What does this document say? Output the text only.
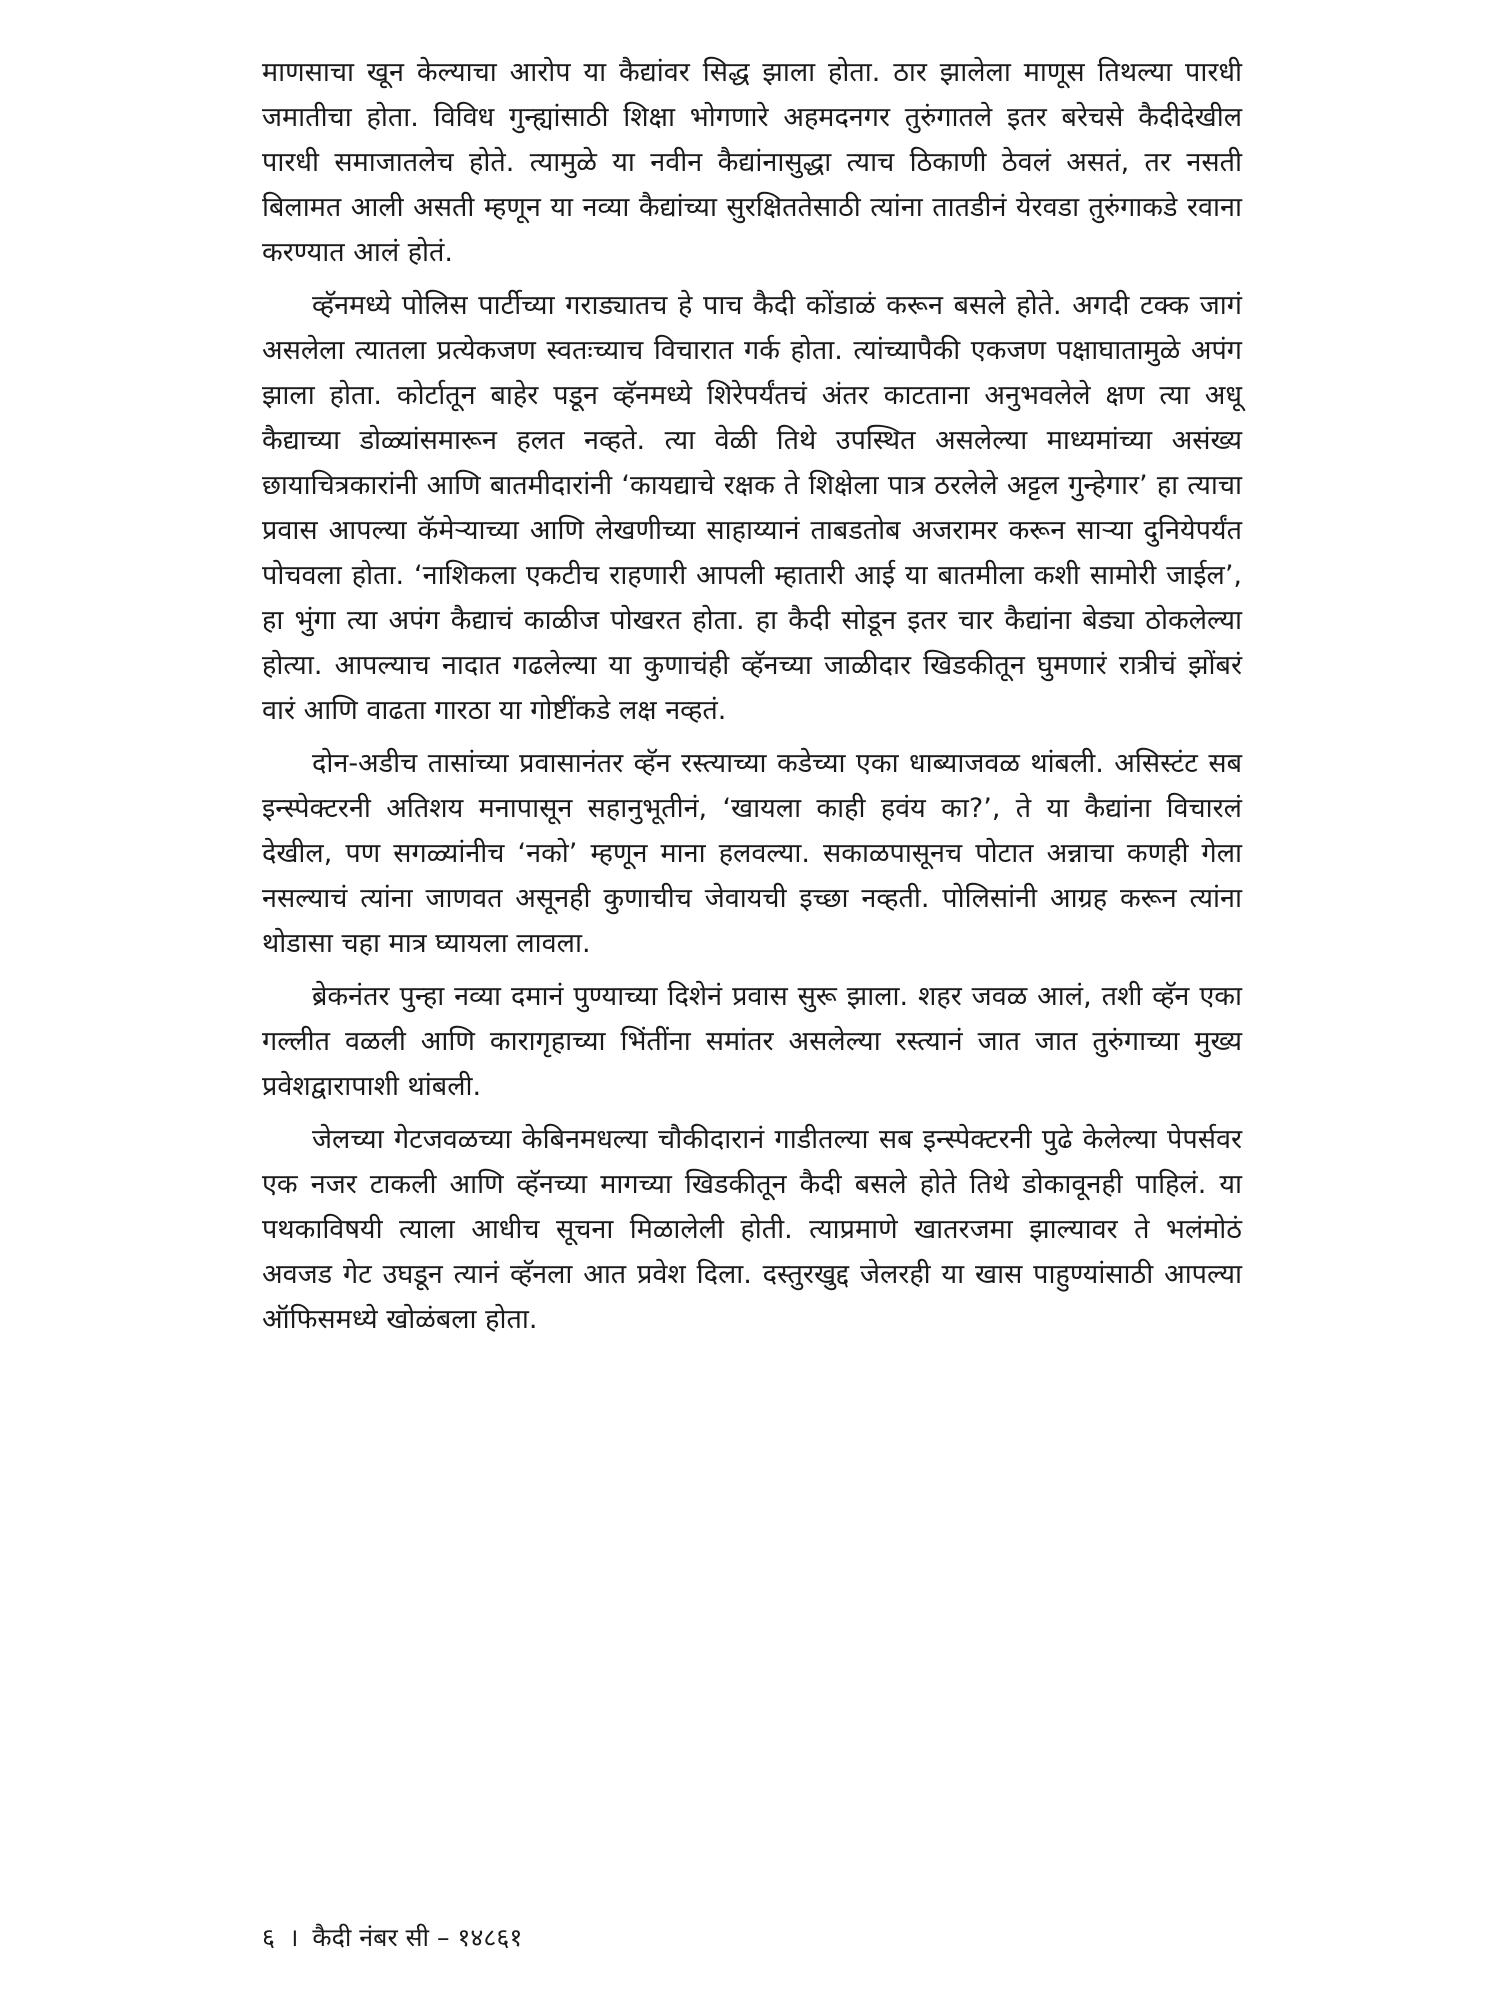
माणसाचा खून केल्याचा आरोप या कैद्यांवर सिद्ध झाला होता. ठार झालेला माणूस तिथल्या पारधी जमातीचा होता. विविध गुन्ह्यांसाठी शिक्षा भोगणारे अहमदनगर तुरुंगातले इतर बरेचसे कैदीदेखील पारधी समाजातलेच होते. त्यामुळे या नवीन कैद्यांनासुद्धा त्याच ठिकाणी ठेवलं असतं, तर नसती बिलामत आली असती म्हणून या नव्या कैद्यांच्या सुरक्षिततेसाठी त्यांना तातडीनं येरवडा तुरुंगाकडे रवाना करण्यात आलं होतं.

व्हॅनमध्ये पोलिस पार्टीच्या गराड्यातच हे पाच कैदी कोंडाळं करून बसले होते. अगदी टक्क जागं असलेला त्यातला प्रत्येकजण स्वतःच्याच विचारात गर्क होता. त्यांच्यापैकी एकजण पक्षाघातामुळे अपंग झाला होता. कोर्टातून बाहेर पडून व्हॅनमध्ये शिरेपर्यंतचं अंतर काटताना अनुभवलेले क्षण त्या अधू कैद्याच्या डोळ्यांसमारून हलत नव्हते. त्या वेळी तिथे उपस्थित असलेल्या माध्यमांच्या असंख्य छायाचित्रकारांनी आणि बातमीदारांनी ‘कायद्याचे रक्षक ते शिक्षेला पात्र ठरलेले अट्टल गुन्हेगार’ हा त्याचा प्रवास आपल्या कॅमेऱ्याच्या आणि लेखणीच्या साहाय्यानं ताबडतोब अजरामर करून साऱ्या दुनियेपर्यंत पोचवला होता. ‘नाशिकला एकटीच राहणारी आपली म्हातारी आई या बातमीला कशी सामोरी जाईल’, हा भुंगा त्या अपंग कैद्याचं काळीज पोखरत होता. हा कैदी सोडून इतर चार कैद्यांना बेड्या ठोकलेल्या होत्या. आपल्याच नादात गढलेल्या या कुणाचंही व्हॅनच्या जाळीदार खिडकीतून घुमणारं रात्रीचं झोंबरं वारं आणि वाढता गारठा या गोष्टींकडे लक्ष नव्हतं.

दोन-अडीच तासांच्या प्रवासानंतर व्हॅन रस्त्याच्या कडेच्या एका धाब्याजवळ थांबली. असिस्टंट सब इन्स्पेक्टरनी अतिशय मनापासून सहानुभूतीनं, ‘खायला काही हवंय का?’, ते या कैद्यांना विचारलं देखील, पण सगळ्यांनीच ‘नको’ म्हणून माना हलवल्या. सकाळपासूनच पोटात अन्नाचा कणही गेला नसल्याचं त्यांना जाणवत असूनही कुणाचीच जेवायची इच्छा नव्हती. पोलिसांनी आग्रह करून त्यांना थोडासा चहा मात्र घ्यायला लावला.

ब्रेकनंतर पुन्हा नव्या दमानं पुण्याच्या दिशेनं प्रवास सुरू झाला. शहर जवळ आलं, तशी व्हॅन एका गल्लीत वळली आणि कारागृहाच्या भिंतींना समांतर असलेल्या रस्त्यानं जात जात तुरुंगाच्या मुख्य प्रवेशद्वारापाशी थांबली.

जेलच्या गेटजवळच्या केबिनमधल्या चौकीदारानं गाडीतल्या सब इन्स्पेक्टरनी पुढे केलेल्या पेपर्सवर एक नजर टाकली आणि व्हॅनच्या मागच्या खिडकीतून कैदी बसले होते तिथे डोकावूनही पाहिलं. या पथकाविषयी त्याला आधीच सूचना मिळालेली होती. त्याप्रमाणे खातरजमा झाल्यावर ते भलंमोठं अवजड गेट उघडून त्यानं व्हॅनला आत प्रवेश दिला. दस्तुरखुद्द जेलरही या खास पाहुण्यांसाठी आपल्या ऑफिसमध्ये खोळंबला होता.

६ । कैदी नंबर सी – १४८६१
